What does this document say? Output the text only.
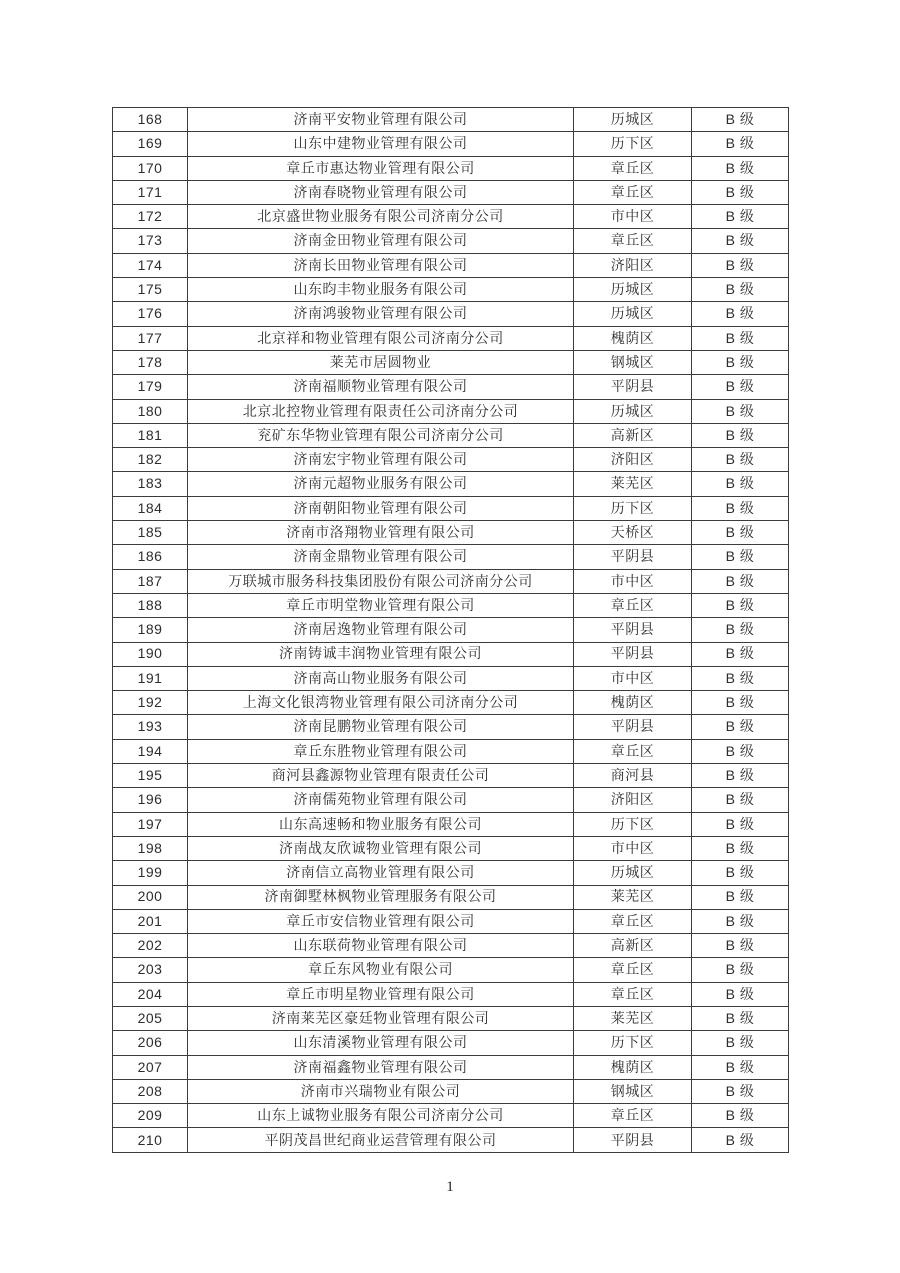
168	济南平安物业管理有限公司	历城区	B 级
169	山东中建物业管理有限公司	历下区	B 级
170	章丘市惠达物业管理有限公司	章丘区	B 级
171	济南春晓物业管理有限公司	章丘区	B 级
172	北京盛世物业服务有限公司济南分公司	市中区	B 级
173	济南金田物业管理有限公司	章丘区	B 级
174	济南长田物业管理有限公司	济阳区	B 级
175	山东昀丰物业服务有限公司	历城区	B 级
176	济南鸿骏物业管理有限公司	历城区	B 级
177	北京祥和物业管理有限公司济南分公司	槐荫区	B 级
178	莱芜市居圆物业	钢城区	B 级
179	济南福顺物业管理有限公司	平阴县	B 级
180	北京北控物业管理有限责任公司济南分公司	历城区	B 级
181	兖矿东华物业管理有限公司济南分公司	高新区	B 级
182	济南宏宇物业管理有限公司	济阳区	B 级
183	济南元超物业服务有限公司	莱芜区	B 级
184	济南朝阳物业管理有限公司	历下区	B 级
185	济南市洛翔物业管理有限公司	天桥区	B 级
186	济南金鼎物业管理有限公司	平阴县	B 级
187	万联城市服务科技集团股份有限公司济南分公司	市中区	B 级
188	章丘市明堂物业管理有限公司	章丘区	B 级
189	济南居逸物业管理有限公司	平阴县	B 级
190	济南铸诚丰润物业管理有限公司	平阴县	B 级
191	济南高山物业服务有限公司	市中区	B 级
192	上海文化银湾物业管理有限公司济南分公司	槐荫区	B 级
193	济南昆鹏物业管理有限公司	平阴县	B 级
194	章丘东胜物业管理有限公司	章丘区	B 级
195	商河县鑫源物业管理有限责任公司	商河县	B 级
196	济南儒苑物业管理有限公司	济阳区	B 级
197	山东高速畅和物业服务有限公司	历下区	B 级
198	济南战友欣诚物业管理有限公司	市中区	B 级
199	济南信立高物业管理有限公司	历城区	B 级
200	济南御墅林枫物业管理服务有限公司	莱芜区	B 级
201	章丘市安信物业管理有限公司	章丘区	B 级
202	山东联荷物业管理有限公司	高新区	B 级
203	章丘东风物业有限公司	章丘区	B 级
204	章丘市明星物业管理有限公司	章丘区	B 级
205	济南莱芜区豪廷物业管理有限公司	莱芜区	B 级
206	山东清溪物业管理有限公司	历下区	B 级
207	济南福鑫物业管理有限公司	槐荫区	B 级
208	济南市兴瑞物业有限公司	钢城区	B 级
209	山东上诚物业服务有限公司济南分公司	章丘区	B 级
210	平阴茂昌世纪商业运营管理有限公司	平阴县	B 级
1
